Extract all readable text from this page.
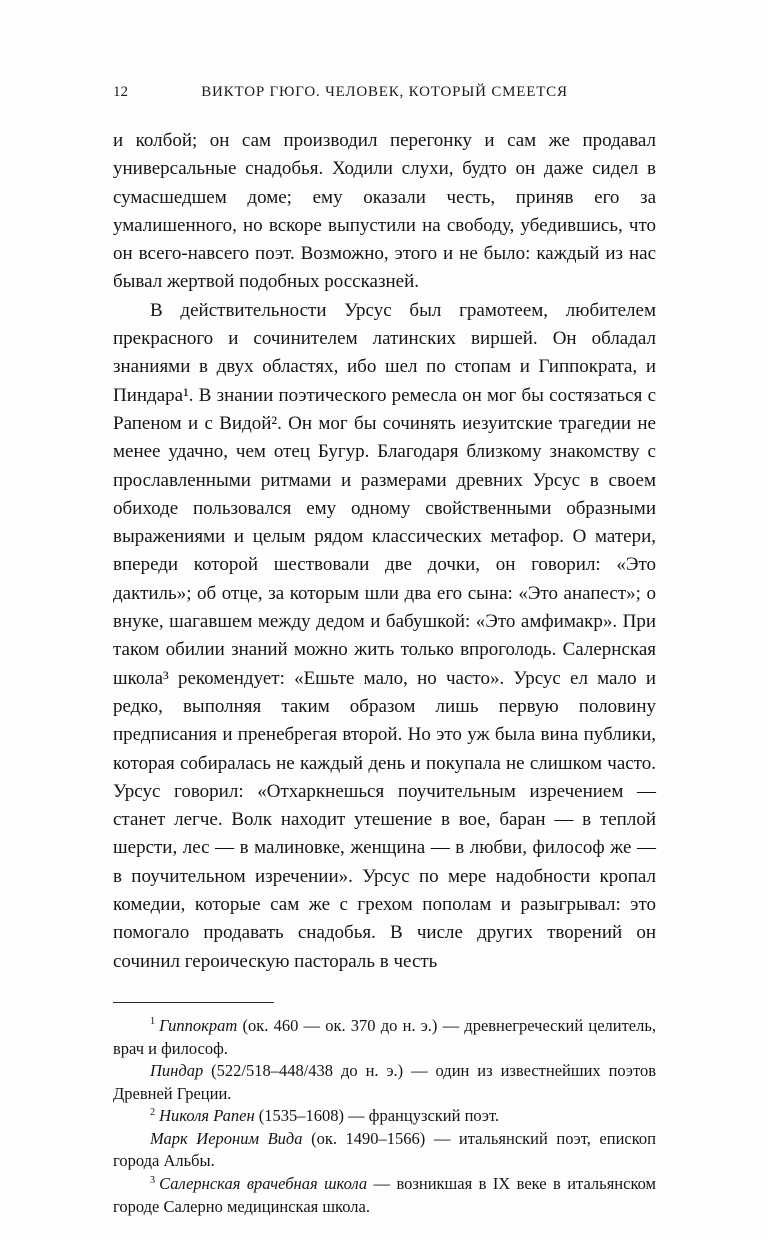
12	ВИКТОР ГЮГО. ЧЕЛОВЕК, КОТОРЫЙ СМЕЕТСЯ

и колбой; он сам производил перегонку и сам же продавал универсальные снадобья. Ходили слухи, будто он даже сидел в сумасшедшем доме; ему оказали честь, приняв его за умалишенного, но вскоре выпустили на свободу, убедившись, что он всего-навсего поэт. Возможно, этого и не было: каждый из нас бывал жертвой подобных россказней.

В действительности Урсус был грамотеем, любителем прекрасного и сочинителем латинских виршей. Он обладал знаниями в двух областях, ибо шел по стопам и Гиппократа, и Пиндара¹. В знании поэтического ремесла он мог бы состязаться с Рапеном и с Видой². Он мог бы сочинять иезуитские трагедии не менее удачно, чем отец Бугур. Благодаря близкому знакомству с прославленными ритмами и размерами древних Урсус в своем обиходе пользовался ему одному свойственными образными выражениями и целым рядом классических метафор. О матери, впереди которой шествовали две дочки, он говорил: «Это дактиль»; об отце, за которым шли два его сына: «Это анапест»; о внуке, шагавшем между дедом и бабушкой: «Это амфимакр». При таком обилии знаний можно жить только впроголодь. Салернская школа³ рекомендует: «Ешьте мало, но часто». Урсус ел мало и редко, выполняя таким образом лишь первую половину предписания и пренебрегая второй. Но это уж была вина публики, которая собиралась не каждый день и покупала не слишком часто. Урсус говорил: «Отхаркнешься поучительным изречением — станет легче. Волк находит утешение в вое, баран — в теплой шерсти, лес — в малиновке, женщина — в любви, философ же — в поучительном изречении». Урсус по мере надобности кропал комедии, которые сам же с грехом пополам и разыгрывал: это помогало продавать снадобья. В числе других творений он сочинил героическую пастораль в честь

$^1$ Гиппократ (ок. 460 — ок. 370 до н. э.) — древнегреческий целитель, врач и философ.

Пиндар (522/518–448/438 до н. э.) — один из известнейших поэтов Древней Греции.

$^2$ Николя Рапен (1535–1608) — французский поэт.

Марк Иероним Вида (ок. 1490–1566) — итальянский поэт, епископ города Альбы.

$^3$ Салернская врачебная школа — возникшая в IX веке в итальянском городе Салерно медицинская школа.
